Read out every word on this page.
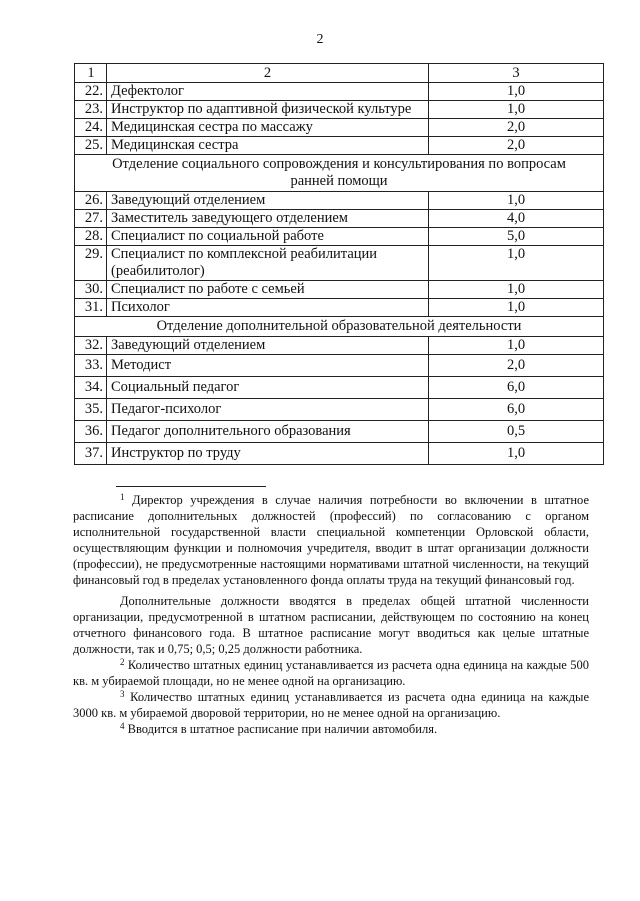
2
1	2	3
22.	Дефектолог	1,0
23.	Инструктор по адаптивной физической культуре	1,0
24.	Медицинская сестра по массажу	2,0
25.	Медицинская сестра	2,0
Отделение социального сопровождения и консультирования по вопросам ранней помощи		
26.	Заведующий отделением	1,0
27.	Заместитель заведующего отделением	4,0
28.	Специалист по социальной работе	5,0
29.	Специалист по комплексной реабилитации (реабилитолог)	1,0
30.	Специалист по работе с семьей	1,0
31.	Психолог	1,0
Отделение дополнительной образовательной деятельности		
32.	Заведующий отделением	1,0
33.	Методист	2,0
34.	Социальный педагог	6,0
35.	Педагог-психолог	6,0
36.	Педагог дополнительного образования	0,5
37.	Инструктор по труду	1,0

$^1$ Директор учреждения в случае наличия потребности во включении в штатное расписание дополнительных должностей (профессий) по согласованию с органом исполнительной государственной власти специальной компетенции Орловской области, осуществляющим функции и полномочия учредителя, вводит в штат организации должности (профессии), не предусмотренные настоящими нормативами штатной численности, на текущий финансовый год в пределах установленного фонда оплаты труда на текущий финансовый год.

Дополнительные должности вводятся в пределах общей штатной численности организации, предусмотренной в штатном расписании, действующем по состоянию на конец отчетного финансового года. В штатное расписание могут вводиться как целые штатные должности, так и 0,75; 0,5; 0,25 должности работника.

$^2$ Количество штатных единиц устанавливается из расчета одна единица на каждые 500 кв. м убираемой площади, но не менее одной на организацию.

$^3$ Количество штатных единиц устанавливается из расчета одна единица на каждые 3000 кв. м убираемой дворовой территории, но не менее одной на организацию.

$^4$ Вводится в штатное расписание при наличии автомобиля.
